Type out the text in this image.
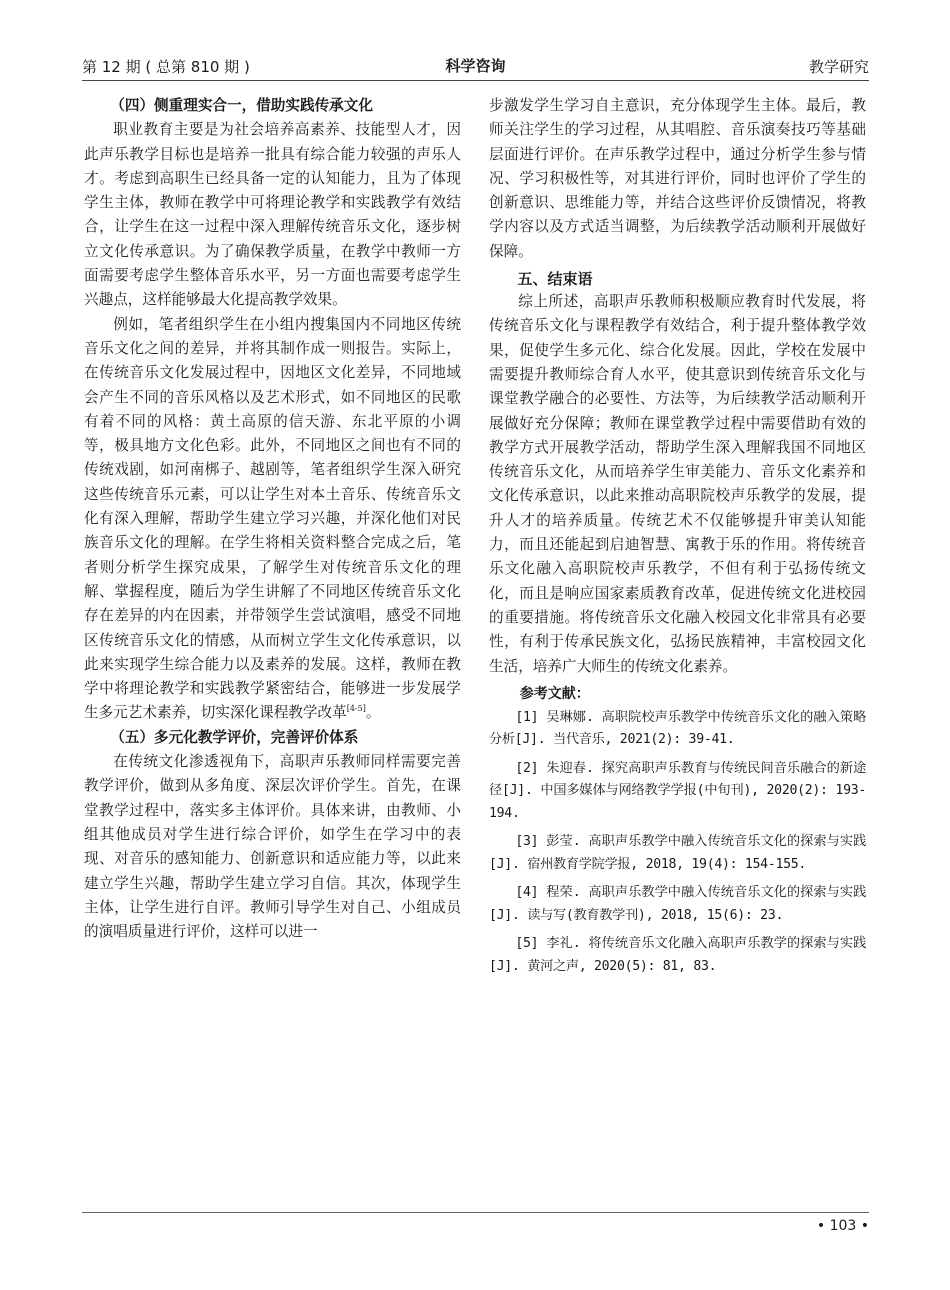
第 12 期 ( 总第 810 期 )	科学咨询	教学研究
（四）侧重理实合一，借助实践传承文化

职业教育主要是为社会培养高素养、技能型人才，因此声乐教学目标也是培养一批具有综合能力较强的声乐人才。考虑到高职生已经具备一定的认知能力，且为了体现学生主体，教师在教学中可将理论教学和实践教学有效结合，让学生在这一过程中深入理解传统音乐文化，逐步树立文化传承意识。为了确保教学质量，在教学中教师一方面需要考虑学生整体音乐水平，另一方面也需要考虑学生兴趣点，这样能够最大化提高教学效果。

例如，笔者组织学生在小组内搜集国内不同地区传统音乐文化之间的差异，并将其制作成一则报告。实际上，在传统音乐文化发展过程中，因地区文化差异，不同地域会产生不同的音乐风格以及艺术形式，如不同地区的民歌有着不同的风格：黄土高原的信天游、东北平原的小调等，极具地方文化色彩。此外，不同地区之间也有不同的传统戏剧，如河南梆子、越剧等，笔者组织学生深入研究这些传统音乐元素，可以让学生对本土音乐、传统音乐文化有深入理解，帮助学生建立学习兴趣，并深化他们对民族音乐文化的理解。在学生将相关资料整合完成之后，笔者则分析学生探究成果，了解学生对传统音乐文化的理解、掌握程度，随后为学生讲解了不同地区传统音乐文化存在差异的内在因素，并带领学生尝试演唱，感受不同地区传统音乐文化的情感，从而树立学生文化传承意识，以此来实现学生综合能力以及素养的发展。这样，教师在教学中将理论教学和实践教学紧密结合，能够进一步发展学生多元艺术素养，切实深化课程教学改革[4-5]。

（五）多元化教学评价，完善评价体系

在传统文化渗透视角下，高职声乐教师同样需要完善教学评价，做到从多角度、深层次评价学生。首先，在课堂教学过程中，落实多主体评价。具体来讲，由教师、小组其他成员对学生进行综合评价，如学生在学习中的表现、对音乐的感知能力、创新意识和适应能力等，以此来建立学生兴趣，帮助学生建立学习自信。其次，体现学生主体，让学生进行自评。教师引导学生对自己、小组成员的演唱质量进行评价，这样可以进一

步激发学生学习自主意识，充分体现学生主体。最后，教师关注学生的学习过程，从其唱腔、音乐演奏技巧等基础层面进行评价。在声乐教学过程中，通过分析学生参与情况、学习积极性等，对其进行评价，同时也评价了学生的创新意识、思维能力等，并结合这些评价反馈情况，将教学内容以及方式适当调整，为后续教学活动顺利开展做好保障。

五、结束语

综上所述，高职声乐教师积极顺应教育时代发展，将传统音乐文化与课程教学有效结合，利于提升整体教学效果，促使学生多元化、综合化发展。因此，学校在发展中需要提升教师综合育人水平，使其意识到传统音乐文化与课堂教学融合的必要性、方法等，为后续教学活动顺利开展做好充分保障；教师在课堂教学过程中需要借助有效的教学方式开展教学活动，帮助学生深入理解我国不同地区传统音乐文化，从而培养学生审美能力、音乐文化素养和文化传承意识，以此来推动高职院校声乐教学的发展，提升人才的培养质量。传统艺术不仅能够提升审美认知能力，而且还能起到启迪智慧、寓教于乐的作用。将传统音乐文化融入高职院校声乐教学，不但有利于弘扬传统文化，而且是响应国家素质教育改革，促进传统文化进校园的重要措施。将传统音乐文化融入校园文化非常具有必要性，有利于传承民族文化，弘扬民族精神，丰富校园文化生活，培养广大师生的传统文化素养。

参考文献：
[1] 吴琳娜. 高职院校声乐教学中传统音乐文化的融入策略分析[J]. 当代音乐, 2021(2): 39-41.
[2] 朱迎春. 探究高职声乐教育与传统民间音乐融合的新途径[J]. 中国多媒体与网络教学学报(中旬刊), 2020(2): 193-194.
[3] 彭莹. 高职声乐教学中融入传统音乐文化的探索与实践[J]. 宿州教育学院学报, 2018, 19(4): 154-155.
[4] 程荣. 高职声乐教学中融入传统音乐文化的探索与实践[J]. 读与写(教育教学刊), 2018, 15(6): 23.
[5] 李礼. 将传统音乐文化融入高职声乐教学的探索与实践[J]. 黄河之声, 2020(5): 81, 83.
• 103 •
